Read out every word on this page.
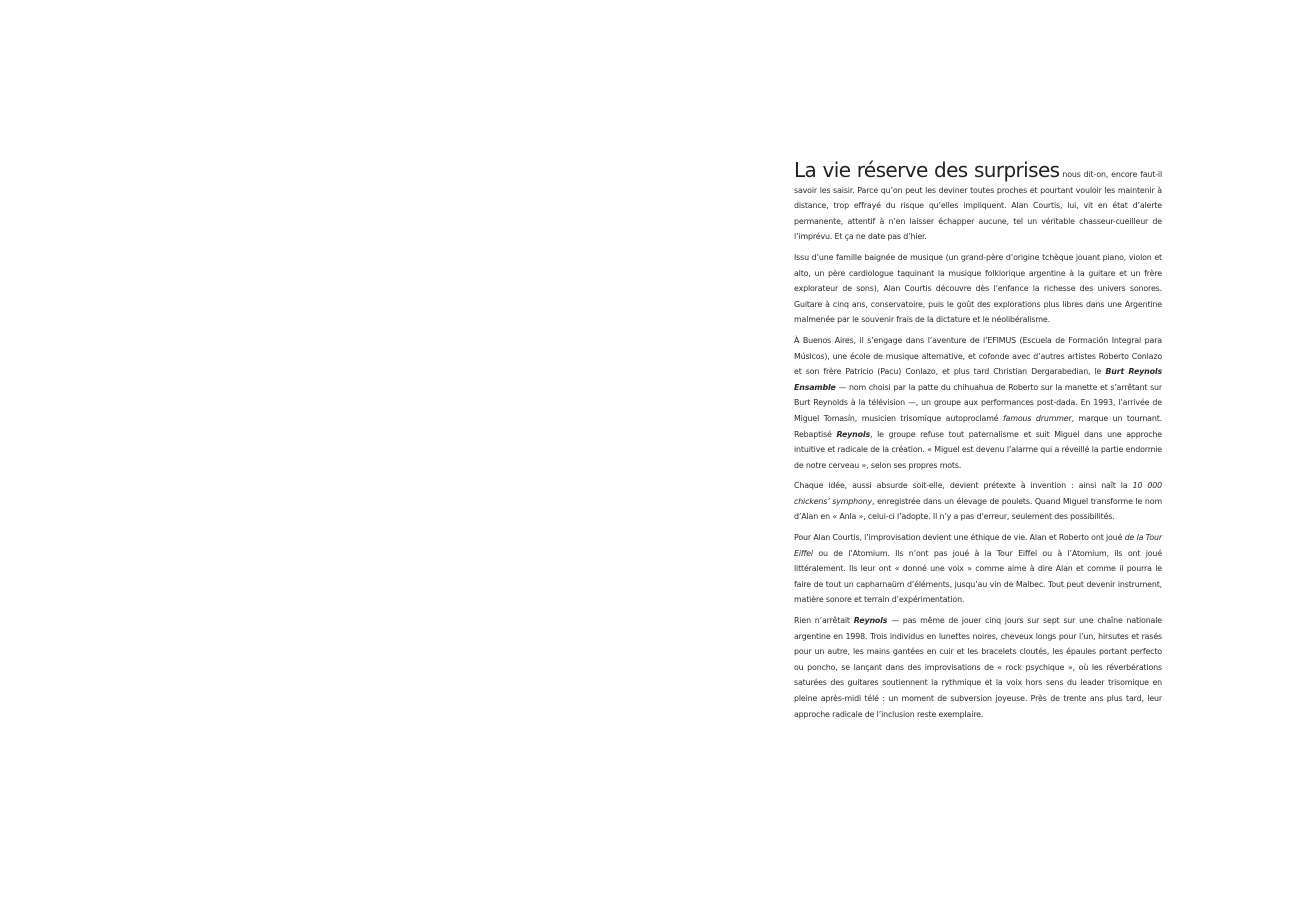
La vie réserve des surprises nous dit-on, encore faut-il savoir les saisir. Parce qu’on peut les deviner toutes proches et pourtant vouloir les maintenir à distance, trop effrayé du risque qu’elles impliquent. Alan Courtis, lui, vit en état d’alerte permanente, attentif à n’en laisser échapper aucune, tel un véritable chasseur-cueilleur de l’imprévu. Et ça ne date pas d’hier.

Issu d’une famille baignée de musique (un grand-père d’origine tchèque jouant piano, violon et alto, un père cardiologue taquinant la musique folklorique argentine à la guitare et un frère explorateur de sons), Alan Courtis découvre dès l’enfance la richesse des univers sonores. Guitare à cinq ans, conservatoire, puis le goût des explorations plus libres dans une Argentine malmenée par le souvenir frais de la dictature et le néolibéralisme.

À Buenos Aires, il s’engage dans l’aventure de l’EFIMUS (Escuela de Formación Integral para Músicos), une école de musique alternative, et cofonde avec d’autres artistes Roberto Conlazo et son frère Patricio (Pacu) Conlazo, et plus tard Christian Dergarabedian, le Burt Reynols Ensamble — nom choisi par la patte du chihuahua de Roberto sur la manette et s’arrêtant sur Burt Reynolds à la télévision —, un groupe aux performances post-dada. En 1993, l’arrivée de Miguel Tomasín, musicien trisomique autoproclamé famous drummer, marque un tournant. Rebaptisé Reynols, le groupe refuse tout paternalisme et suit Miguel dans une approche intuitive et radicale de la création. « Miguel est devenu l’alarme qui a réveillé la partie endormie de notre cerveau », selon ses propres mots.

Chaque idée, aussi absurde soit-elle, devient prétexte à invention : ainsi naît la 10 000 chickens’ symphony, enregistrée dans un élevage de poulets. Quand Miguel transforme le nom d’Alan en « Anla », celui-ci l’adopte. Il n’y a pas d’erreur, seulement des possibilités.

Pour Alan Courtis, l’improvisation devient une éthique de vie. Alan et Roberto ont joué de la Tour Eiffel ou de l’Atomium. Ils n’ont pas joué à la Tour Eiffel ou à l’Atomium, ils ont joué littéralement. Ils leur ont « donné une voix » comme aime à dire Alan et comme il pourra le faire de tout un capharnaüm d’éléments, jusqu’au vin de Malbec. Tout peut devenir instrument, matière sonore et terrain d’expérimentation.

Rien n’arrêtait Reynols — pas même de jouer cinq jours sur sept sur une chaîne nationale argentine en 1998. Trois individus en lunettes noires, cheveux longs pour l’un, hirsutes et rasés pour un autre, les mains gantées en cuir et les bracelets cloutés, les épaules portant perfecto ou poncho, se lançant dans des improvisations de « rock psychique », où les réverbérations saturées des guitares soutiennent la rythmique et la voix hors sens du leader trisomique en pleine après-midi télé : un moment de subversion joyeuse. Près de trente ans plus tard, leur approche radicale de l’inclusion reste exemplaire.
